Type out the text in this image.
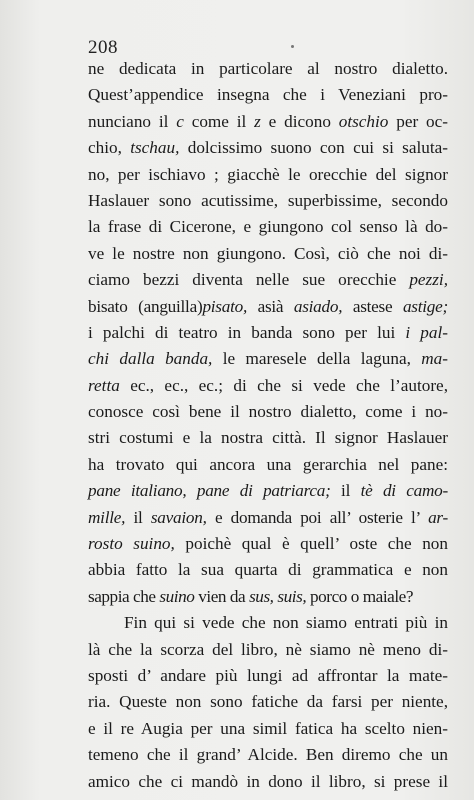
208
ne dedicata in particolare al nostro dialetto.
Quest’appendice insegna che i Veneziani pro-
nunciano il c come il z e dicono otschio per oc-
chio, tschau, dolcissimo suono con cui si saluta-
no, per ischiavo ; giacchè le orecchie del signor
Haslauer sono acutissime, superbissime, secondo
la frase di Cicerone, e giungono col senso là do-
ve le nostre non giungono. Così, ciò che noi di-
ciamo bezzi diventa nelle sue orecchie pezzi,
bisato (anguilla)pisato, asià asiado, astese astige;
i palchi di teatro in banda sono per lui i pal-
chi dalla banda, le maresele della laguna, ma-
retta ec., ec., ec.; di che si vede che l’autore,
conosce così bene il nostro dialetto, come i no-
stri costumi e la nostra città. Il signor Haslauer
ha trovato qui ancora una gerarchia nel pane:
pane italiano, pane di patriarca; il tè di camo-
mille, il savaion, e domanda poi all’ osterie l’ ar-
rosto suino, poichè qual è quell’ oste che non
abbia fatto la sua quarta di grammatica e non
sappia che suino vien da sus, suis, porco o maiale?
Fin qui si vede che non siamo entrati più in
là che la scorza del libro, nè siamo nè meno di-
sposti d’ andare più lungi ad affrontar la mate-
ria. Queste non sono fatiche da farsi per niente,
e il re Augia per una simil fatica ha scelto nien-
temeno che il grand’ Alcide. Ben diremo che un
amico che ci mandò in dono il libro, si prese il
